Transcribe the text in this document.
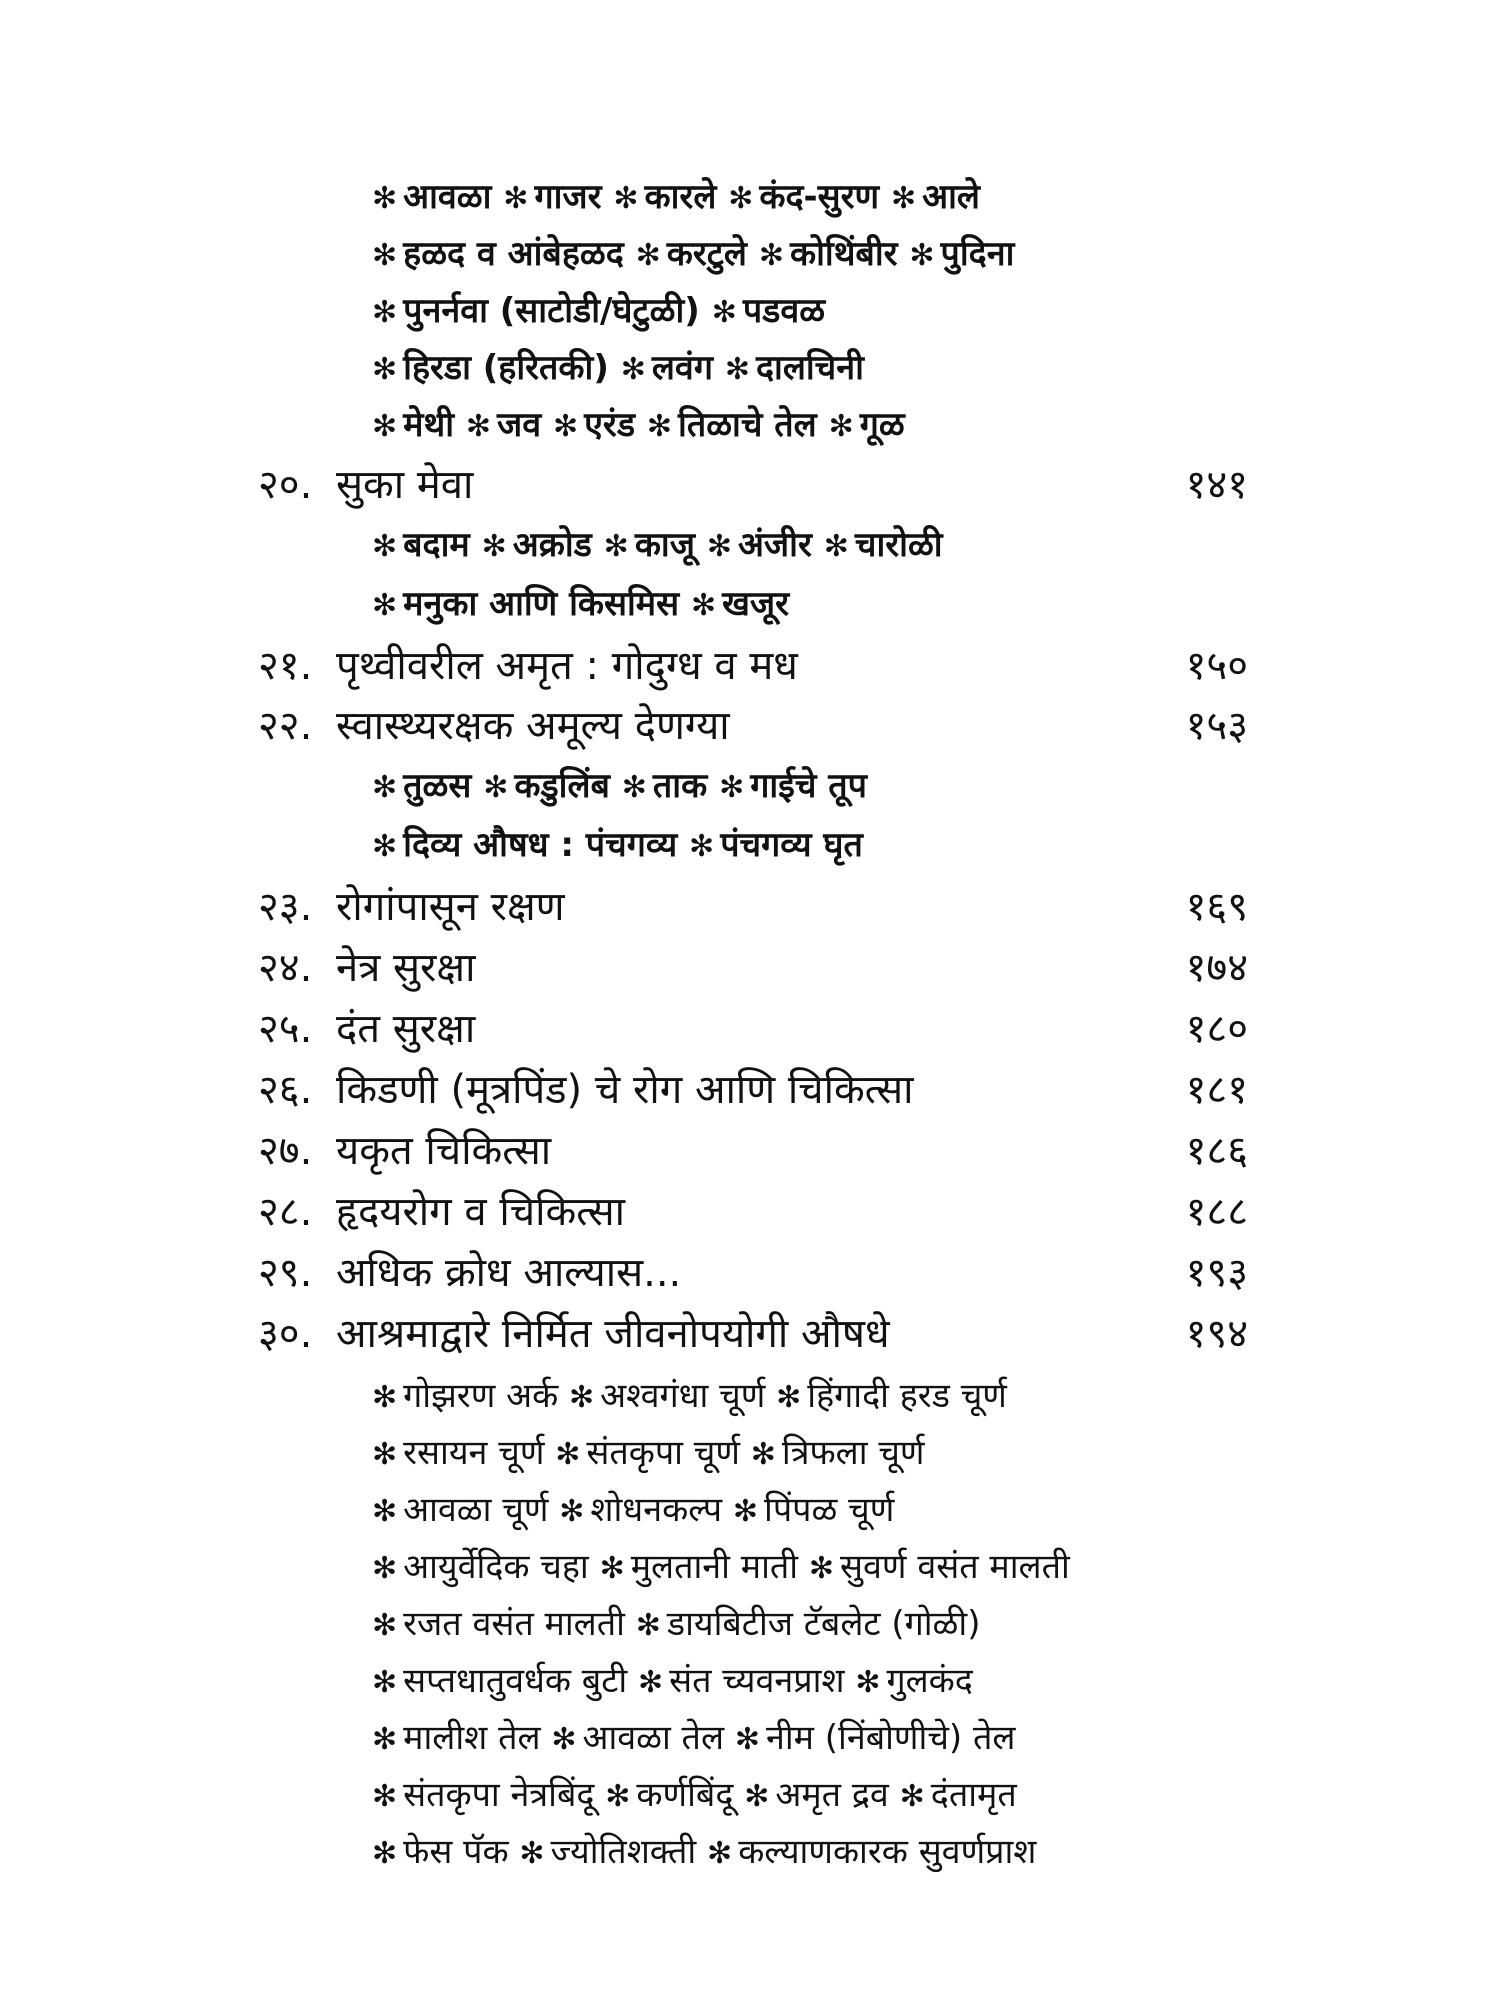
✻ आवळा ✻ गाजर ✻ कारले ✻ कंद-सुरण ✻ आले
✻ हळद व आंबेहळद ✻ करटुले ✻ कोथिंबीर ✻ पुदिना
✻ पुनर्नवा (साटोडी/घेटुळी) ✻ पडवळ
✻ हिरडा (हरितकी) ✻ लवंग ✻ दालचिनी
✻ मेथी ✻ जव ✻ एरंड ✻ तिळाचे तेल ✻ गूळ
२०. सुका मेवा	१४१
✻ बदाम ✻ अक्रोड ✻ काजू ✻ अंजीर ✻ चारोळी
✻ मनुका आणि किसमिस ✻ खजूर
२१. पृथ्वीवरील अमृत : गोदुग्ध व मध	१५०
२२. स्वास्थ्यरक्षक अमूल्य देणग्या	१५३
✻ तुळस ✻ कडुलिंब ✻ ताक ✻ गाईचे तूप
✻ दिव्य औषध : पंचगव्य ✻ पंचगव्य घृत
२३. रोगांपासून रक्षण	१६९
२४. नेत्र सुरक्षा	१७४
२५. दंत सुरक्षा	१८०
२६. किडणी (मूत्रपिंड) चे रोग आणि चिकित्सा	१८१
२७. यकृत चिकित्सा	१८६
२८. हृदयरोग व चिकित्सा	१८८
२९. अधिक क्रोध आल्यास...	१९३
३०. आश्रमाद्वारे निर्मित जीवनोपयोगी औषधे	१९४
✻ गोझरण अर्क ✻ अश्वगंधा चूर्ण ✻ हिंगादी हरड चूर्ण
✻ रसायन चूर्ण ✻ संतकृपा चूर्ण ✻ त्रिफला चूर्ण
✻ आवळा चूर्ण ✻ शोधनकल्प ✻ पिंपळ चूर्ण
✻ आयुर्वेदिक चहा ✻ मुलतानी माती ✻ सुवर्ण वसंत मालती
✻ रजत वसंत मालती ✻ डायबिटीज टॅबलेट (गोळी)
✻ सप्तधातुवर्धक बुटी ✻ संत च्यवनप्राश ✻ गुलकंद
✻ मालीश तेल ✻ आवळा तेल ✻ नीम (निंबोणीचे) तेल
✻ संतकृपा नेत्रबिंदू ✻ कर्णबिंदू ✻ अमृत द्रव ✻ दंतामृत
✻ फेस पॅक ✻ ज्योतिशक्ती ✻ कल्याणकारक सुवर्णप्राश
